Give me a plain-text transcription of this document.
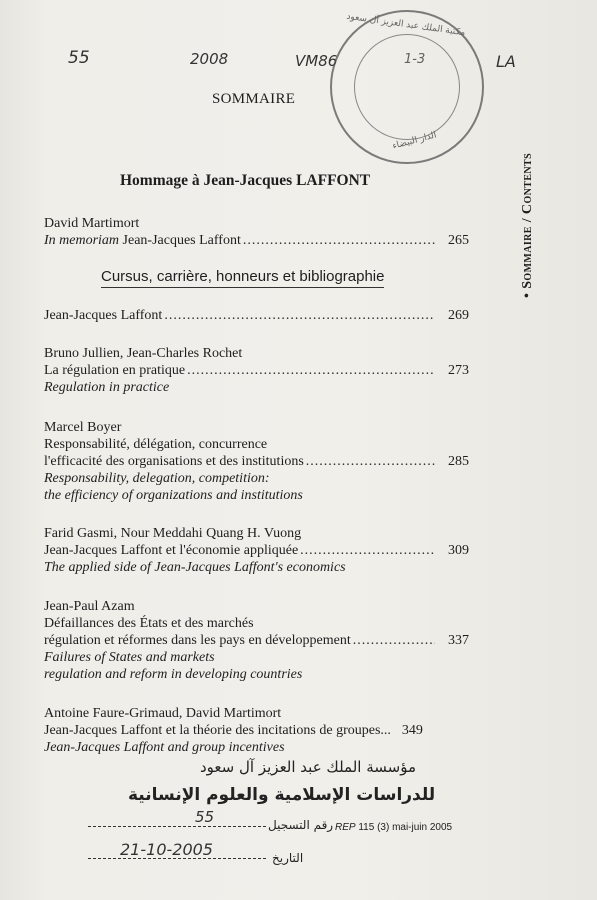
55	2008	VM86	LA
مكتبة الملك عبد العزيز آل سعود
الدار البيضاء
1-3
SOMMAIRE
• Sommaire / Contents
Hommage à Jean-Jacques LAFFONT
David Martimort
In memoriam Jean-Jacques Laffont .....	265
Cursus, carrière, honneurs et bibliographie
Jean-Jacques Laffont .....	269
Bruno Jullien, Jean-Charles Rochet
La régulation en pratique .....	273
Regulation in practice
Marcel Boyer
Responsabilité, délégation, concurrence
l'efficacité des organisations et des institutions .....	285
Responsability, delegation, competition:
the efficiency of organizations and institutions
Farid Gasmi, Nour Meddahi Quang H. Vuong
Jean-Jacques Laffont et l'économie appliquée .....	309
The applied side of Jean-Jacques Laffont's economics
Jean-Paul Azam
Défaillances des États et des marchés
régulation et réformes dans les pays en développement .....	337
Failures of States and markets
regulation and reform in developing countries
Antoine Faure-Grimaud, David Martimort
Jean-Jacques Laffont et la théorie des incitations de groupes... 349
Jean-Jacques Laffont and group incentives
مؤسسة الملك عبد العزيز آل سعود
للدراسات الإسلامية والعلوم الإنسانية
55	رقم التسجيل
21-10-2005	التاريخ
REP 115 (3) mai-juin 2005
